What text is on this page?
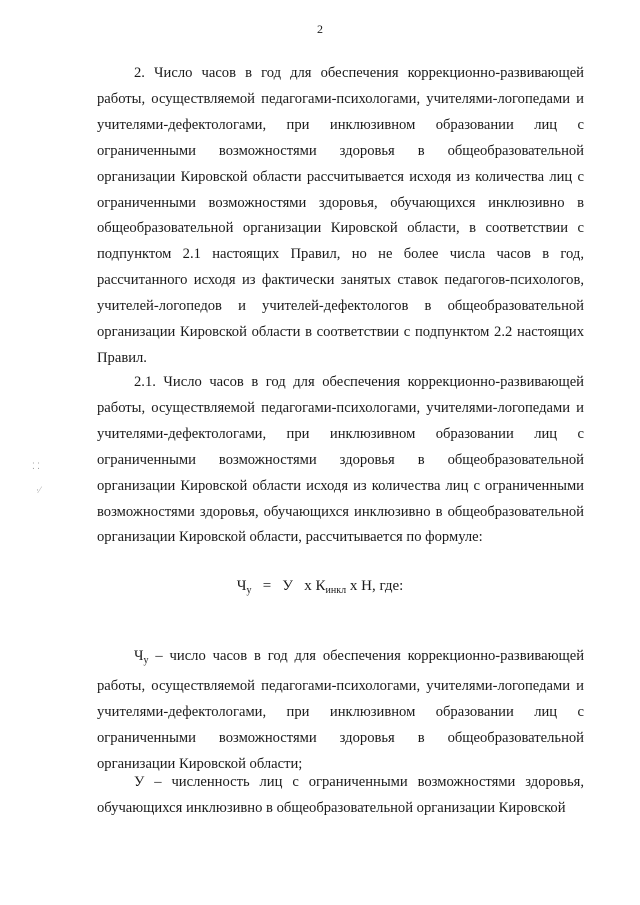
2

2. Число часов в год для обеспечения коррекционно-развивающей работы, осуществляемой педагогами-психологами, учителями-логопедами и учителями-дефектологами, при инклюзивном образовании лиц с ограниченными возможностями здоровья в общеобразовательной организации Кировской области рассчитывается исходя из количества лиц с ограниченными возможностями здоровья, обучающихся инклюзивно в общеобразовательной организации Кировской области, в соответствии с подпунктом 2.1 настоящих Правил, но не более числа часов в год, рассчитанного исходя из фактически занятых ставок педагогов-психологов, учителей-логопедов и учителей-дефектологов в общеобразовательной организации Кировской области в соответствии с подпунктом 2.2 настоящих Правил.

2.1. Число часов в год для обеспечения коррекционно-развивающей работы, осуществляемой педагогами-психологами, учителями-логопедами и учителями-дефектологами, при инклюзивном образовании лиц с ограниченными возможностями здоровья в общеобразовательной организации Кировской области исходя из количества лиц с ограниченными возможностями здоровья, обучающихся инклюзивно в общеобразовательной организации Кировской области, рассчитывается по формуле:

$Ч_у = У$ x $К_{инкл}$ x Н, где:

$Ч_у$ – число часов в год для обеспечения коррекционно-развивающей работы, осуществляемой педагогами-психологами, учителями-логопедами и учителями-дефектологами, при инклюзивном образовании лиц с ограниченными возможностями здоровья в общеобразовательной организации Кировской области;

У – численность лиц с ограниченными возможностями здоровья, обучающихся инклюзивно в общеобразовательной организации Кировской

⁚ ⁚
·⁄
